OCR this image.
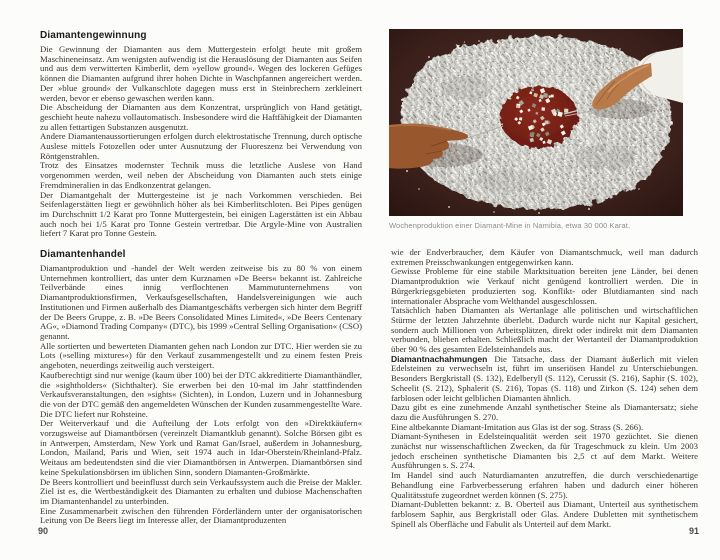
Diamantengewinnung

Die Gewinnung der Diamanten aus dem Muttergestein erfolgt heute mit großem Maschineneinsatz. Am wenigsten aufwendig ist die Herauslösung der Diamanten aus Seifen und aus dem verwitterten Kimberlit, dem »yellow ground«. Wegen des lockeren Gefüges können die Diamanten aufgrund ihrer hohen Dichte in Waschpfannen angereichert werden. Der »blue ground« der Vulkanschlote dagegen muss erst in Steinbrechern zerkleinert werden, bevor er ebenso gewaschen werden kann.

Die Abscheidung der Diamanten aus dem Konzentrat, ursprünglich von Hand getätigt, geschieht heute nahezu vollautomatisch. Insbesondere wird die Haftfähigkeit der Diamanten zu allen fettartigen Substanzen ausgenutzt.

Andere Diamantenaussortierungen erfolgen durch elektrostatische Trennung, durch optische Auslese mittels Fotozellen oder unter Ausnutzung der Fluoreszenz bei Verwendung von Röntgenstrahlen.

Trotz des Einsatzes modernster Technik muss die letztliche Auslese von Hand vorgenommen werden, weil neben der Abscheidung von Diamanten auch stets einige Fremdmineralien in das Endkonzentrat gelangen.

Der Diamantgehalt der Muttergesteine ist je nach Vorkommen verschieden. Bei Seifenlagerstätten liegt er gewöhnlich höher als bei Kimberlitschloten. Bei Pipes genügen im Durchschnitt 1/2 Karat pro Tonne Muttergestein, bei einigen Lagerstätten ist ein Abbau auch noch bei 1/5 Karat pro Tonne Gestein vertretbar. Die Argyle-Mine von Australien liefert 7 Karat pro Tonne Gestein.

Diamantenhandel

Diamantproduktion und -handel der Welt werden zeitweise bis zu 80 % von einem Unternehmen kontrolliert, das unter dem Kurznamen »De Beers« bekannt ist. Zahlreiche Teilverbände eines innig verflochtenen Mammutunternehmens von Diamantproduktionsfirmen, Verkaufsgesellschaften, Handelsvereinigungen wie auch Institutionen und Firmen außerhalb des Diamantgeschäfts verbergen sich hinter dem Begriff der De Beers Gruppe, z. B. »De Beers Consolidated Mines Limited«, »De Beers Centenary AG«, »Diamond Trading Company« (DTC), bis 1999 »Central Selling Organisation« (CSO) genannt.

Alle sortierten und bewerteten Diamanten gehen nach London zur DTC. Hier werden sie zu Lots (»selling mixtures«) für den Verkauf zusammengestellt und zu einem festen Preis angeboten, neuerdings zeitweilig auch versteigert.

Kaufberechtigt sind nur wenige (kaum über 100) bei der DTC akkreditierte Diamanthändler, die »sightholders« (Sichthalter). Sie erwerben bei den 10-mal im Jahr stattfindenden Verkaufsveranstaltungen, den »sights« (Sichten), in London, Luzern und in Johannesburg die von der DTC gemäß den angemeldeten Wünschen der Kunden zusammengestellte Ware. Die DTC liefert nur Rohsteine.

Der Weiterverkauf und die Aufteilung der Lots erfolgt von den »Direktkäufern« vorzugsweise auf Diamantbörsen (vereinzelt Diamantklub genannt). Solche Börsen gibt es in Antwerpen, Amsterdam, New York und Ramat Gan/Israel, außerdem in Johannesburg, London, Mailand, Paris und Wien, seit 1974 auch in Idar-Oberstein/Rheinland-Pfalz. Weitaus am bedeutendsten sind die vier Diamantbörsen in Antwerpen. Diamantbörsen sind keine Spekulationsbörsen im üblichen Sinn, sondern Diamanten-Großmärkte.

De Beers kontrolliert und beeinflusst durch sein Verkaufssystem auch die Preise der Makler. Ziel ist es, die Wertbeständigkeit des Diamanten zu erhalten und dubiose Machenschaften im Diamantenhandel zu unterbinden.

Eine Zusammenarbeit zwischen den führenden Förderländern unter der organisatorischen Leitung von De Beers liegt im Interesse aller, der Diamantproduzenten

Wochenproduktion einer Diamant-Mine in Namibia, etwa 30 000 Karat.

wie der Endverbraucher, dem Käufer von Diamantschmuck, weil man dadurch extremen Preisschwankungen entgegenwirken kann.

Gewisse Probleme für eine stabile Marktsituation bereiten jene Länder, bei denen Diamantproduktion wie Verkauf nicht genügend kontrolliert werden. Die in Bürgerkriegsgebieten produzierten sog. Konflikt- oder Blutdiamanten sind nach internationaler Absprache vom Welthandel ausgeschlossen.

Tatsächlich haben Diamanten als Wertanlage alle politischen und wirtschaftlichen Stürme der letzten Jahrzehnte überlebt. Dadurch wurde nicht nur Kapital gesichert, sondern auch Millionen von Arbeitsplätzen, direkt oder indirekt mit dem Diamanten verbunden, blieben erhalten. Schließlich macht der Wertanteil der Diamantproduktion über 90 % des gesamten Edelsteinhandels aus.

Diamantnachahmungen Die Tatsache, dass der Diamant äußerlich mit vielen Edelsteinen zu verwechseln ist, führt im unseriösen Handel zu Unterschiebungen. Besonders Bergkristall (S. 132), Edelberyll (S. 112), Cerussit (S. 216), Saphir (S. 102), Scheelit (S. 212), Sphalerit (S. 216), Topas (S. 118) und Zirkon (S. 124) sehen dem farblosen oder leicht gelblichen Diamanten ähnlich.

Dazu gibt es eine zunehmende Anzahl synthetischer Steine als Diamantersatz; siehe dazu die Ausführungen S. 270.

Eine altbekannte Diamant-Imitation aus Glas ist der sog. Strass (S. 266).

Diamant-Synthesen in Edelsteinqualität werden seit 1970 gezüchtet. Sie dienen zunächst nur wissenschaftlichen Zwecken, da für Trageschmuck zu klein. Um 2003 jedoch erscheinen synthetische Diamanten bis 2,5 ct auf dem Markt. Weitere Ausführungen s. S. 274.

Im Handel sind auch Naturdiamanten anzutreffen, die durch verschiedenartige Behandlung eine Farbverbesserung erfahren haben und dadurch einer höheren Qualitätsstufe zugeordnet werden können (S. 275).

Diamant-Dubletten bekannt: z. B. Oberteil aus Diamant, Unterteil aus synthetischem farblosem Saphir, aus Bergkristall oder Glas. Andere Dubletten mit synthetischem Spinell als Oberfläche und Fabulit als Unterteil auf dem Markt.

90	91
